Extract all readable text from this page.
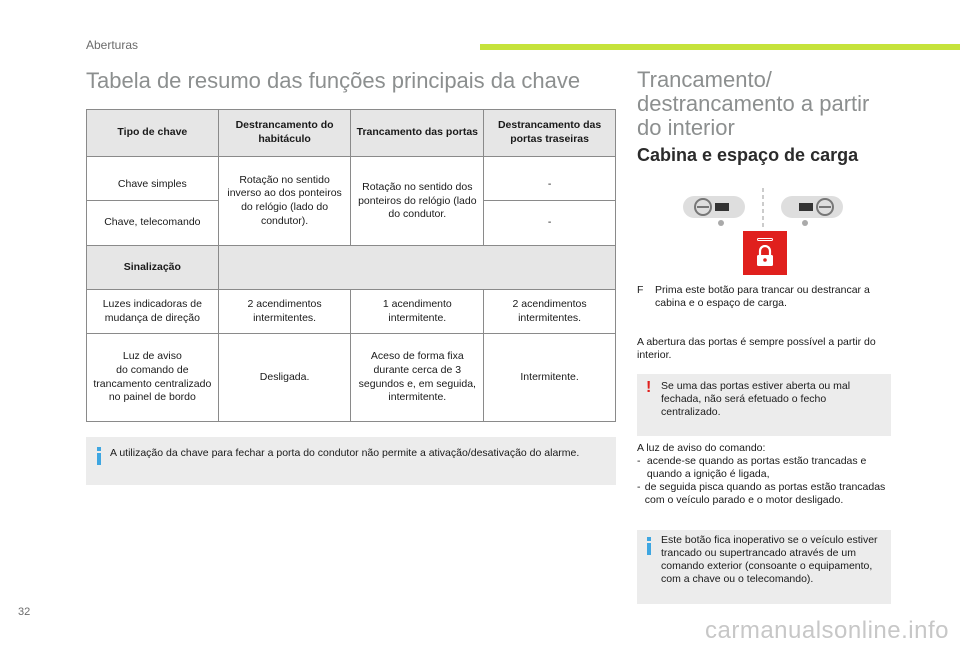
Aberturas
Tabela de resumo das funções principais da chave
Tipo de chave	Destrancamento do habitáculo	Trancamento das portas	Destrancamento das portas traseiras
Chave simples	Rotação no sentido inverso ao dos ponteiros do relógio (lado do condutor).	Rotação no sentido dos ponteiros do relógio (lado do condutor.	-
Chave, telecomando			-
Sinalização			
Luzes indicadoras de mudança de direção	2 acendimentos intermitentes.	1 acendimento intermitente.	2 acendimentos intermitentes.

Luz de aviso
do comando de
trancamento centralizado
no painel de bordo	Desligada.	Aceso de forma fixa durante cerca de 3 segundos e, em seguida, intermitente.	Intermitente.
A utilização da chave para fechar a porta do condutor não permite a ativação/desativação do alarme.
Trancamento/
destrancamento a partir
do interior
Cabina e espaço de carga
F	Prima este botão para trancar ou destrancar a cabina e o espaço de carga.
A abertura das portas é sempre possível a partir do interior.
! Se uma das portas estiver aberta ou mal fechada, não será efetuado o fecho centralizado.
A luz de aviso do comando:
- acende-se quando as portas estão trancadas e quando a ignição é ligada,
- de seguida pisca quando as portas estão trancadas com o veículo parado e o motor desligado.
Este botão fica inoperativo se o veículo estiver trancado ou supertrancado através de um comando exterior (consoante o equipamento, com a chave ou o telecomando).
32
carmanualsonline.info
